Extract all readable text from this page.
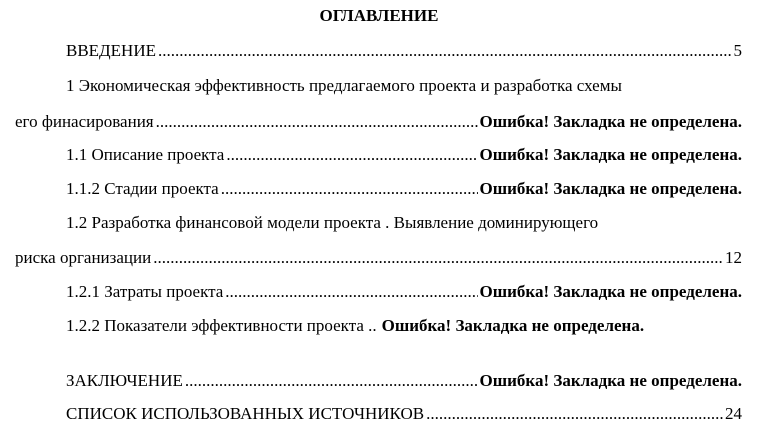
ОГЛАВЛЕНИЕ
ВВЕДЕНИЕ .....	5
1 Экономическая эффективность предлагаемого проекта и разработка схемы
его финасирования .....	Ошибка! Закладка не определена.
1.1 Описание проекта .....	Ошибка! Закладка не определена.
1.1.2 Стадии проекта .....	Ошибка! Закладка не определена.
1.2 Разработка финансовой модели проекта . Выявление доминирующего
риска организации .....	12
1.2.1 Затраты проекта .....	Ошибка! Закладка не определена.
1.2.2 Показатели эффективности проекта .. Ошибка! Закладка не определена.
ЗАКЛЮЧЕНИЕ .....	Ошибка! Закладка не определена.
СПИСОК ИСПОЛЬЗОВАННЫХ ИСТОЧНИКОВ .....	24
